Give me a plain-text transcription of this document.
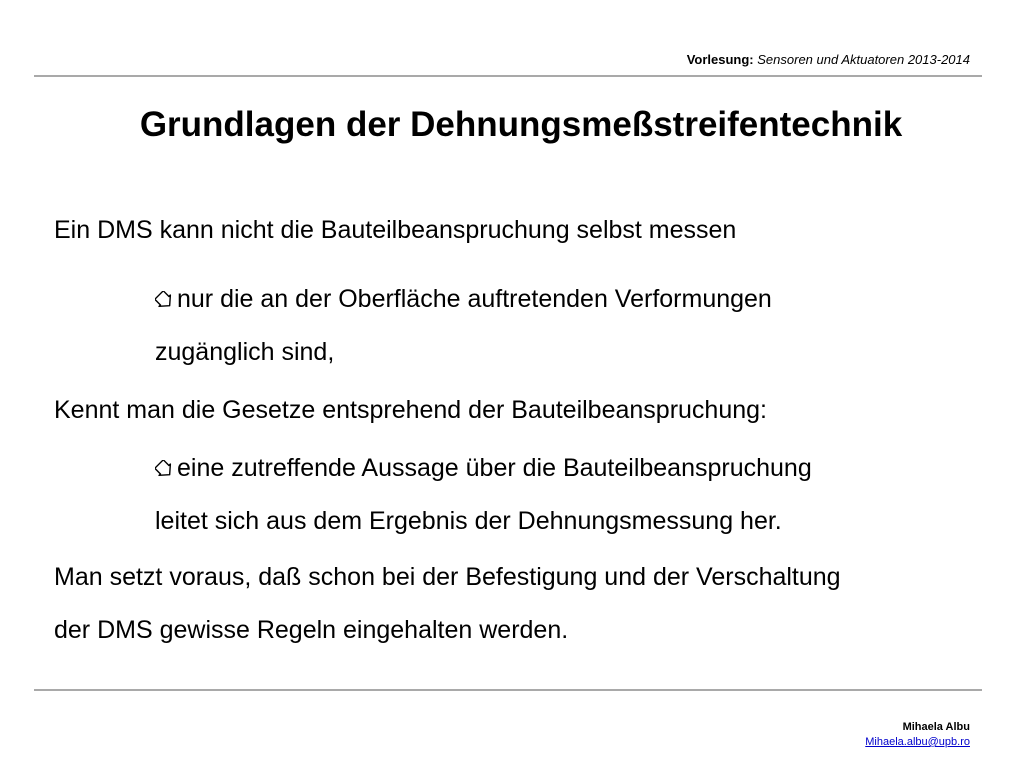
Vorlesung: Sensoren und Aktuatoren 2013-2014
Grundlagen der Dehnungsmeßstreifentechnik
Ein DMS kann nicht die Bauteilbeanspruchung selbst messen
nur die an der Oberfläche auftretenden Verformungen
zugänglich sind,
Kennt man die Gesetze entsprehend der Bauteilbeanspruchung:
eine zutreffende Aussage über die Bauteilbeanspruchung
leitet sich aus dem Ergebnis der Dehnungsmessung her.
Man setzt voraus, daß schon bei der Befestigung und der Verschaltung
der DMS gewisse Regeln eingehalten werden.
Mihaela Albu
Mihaela.albu@upb.ro
